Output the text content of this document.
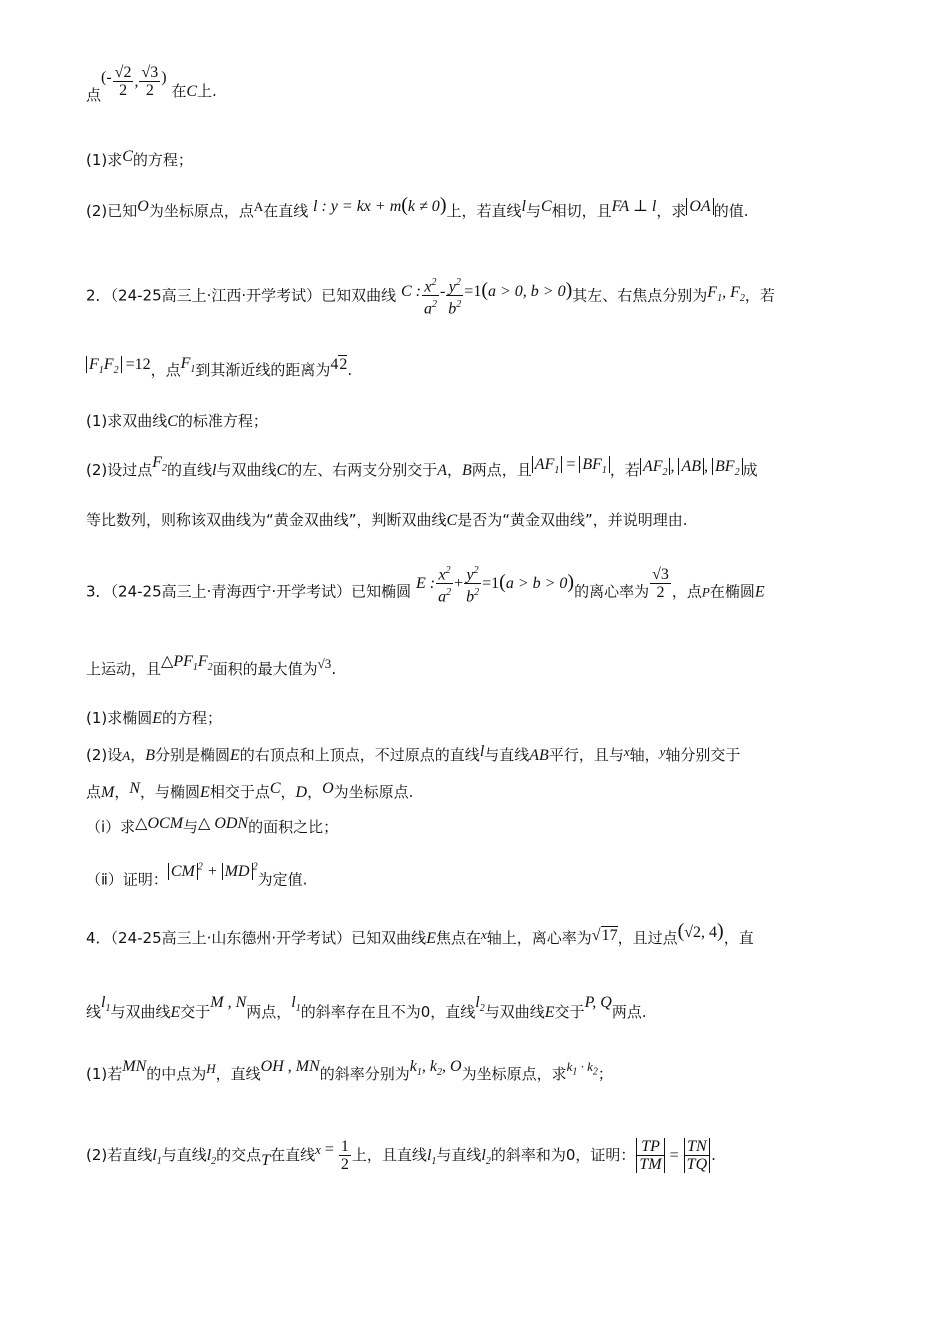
点(- $\frac{√2}{2}$ , $\frac{√3}{2}$ ) 在C上.
(1)求C的方程；
(2)已知O为坐标原点，点A在直线 l : y = kx + m(k ≠ 0)上，若直线l与C相切，且FA ⊥ l，求 OA 的值.
2．（24-25高三上·江西·开学考试）已知双曲线 C : $\frac{x^2}{a^2} - \frac{y^2}{b^2} =1(a > 0$, b > 0)其左、右焦点分别为$F_1$, $F_2$，若
$F_1F_2 =12$，点$F_1$到其渐近线的距离为42.
(1)求双曲线C的标准方程；
(2)设过点$F_2$的直线l与双曲线C的左、右两支分别交于A，B两点，且 $AF_1 = BF_1$ ，若 $AF_2$ , AB , $BF_2$ 成
等比数列，则称该双曲线为“黄金双曲线”，判断双曲线C是否为“黄金双曲线”，并说明理由.
3．（24-25高三上·青海西宁·开学考试）已知椭圆 E : $\frac{x^2}{a^2} + \frac{y^2}{b^2} =1(a > b > 0)$的离心率为 $\frac{√3}{2}$ ，点P在椭圆E
上运动，且$\triangle PF_1F_2$面积的最大值为√3.
(1)求椭圆E的方程；
(2)设A，B分别是椭圆E的右顶点和上顶点，不过原点的直线l与直线AB平行，且与x轴，y轴分别交于
点M，N，与椭圆E相交于点C，D，O为坐标原点.
（ⅰ）求△OCM与△ ODN的面积之比；
（ⅱ）证明： CM $^2$ + MD $^2$为定值.
4．（24-25高三上·山东德州·开学考试）已知双曲线E焦点在x轴上，离心率为√17，且过点(√2, 4)，直
线$l_1$与双曲线E交于M , N两点，$l_1$的斜率存在且不为0，直线$l_2$与双曲线E交于P, Q两点.
(1)若MN的中点为H，直线OH , MN的斜率分别为$k_1$, $k_2$, O为坐标原点，求$k_1 \cdot k_2$；
(2)若直线$l_1$与直线$l_2$的交点T在直线$x = \frac{1}{2}$ 上，且直线$l_1$与直线$l_2$的斜率和为0，证明： $\frac{TP}{TM} = \frac{TN}{TQ}$ .
